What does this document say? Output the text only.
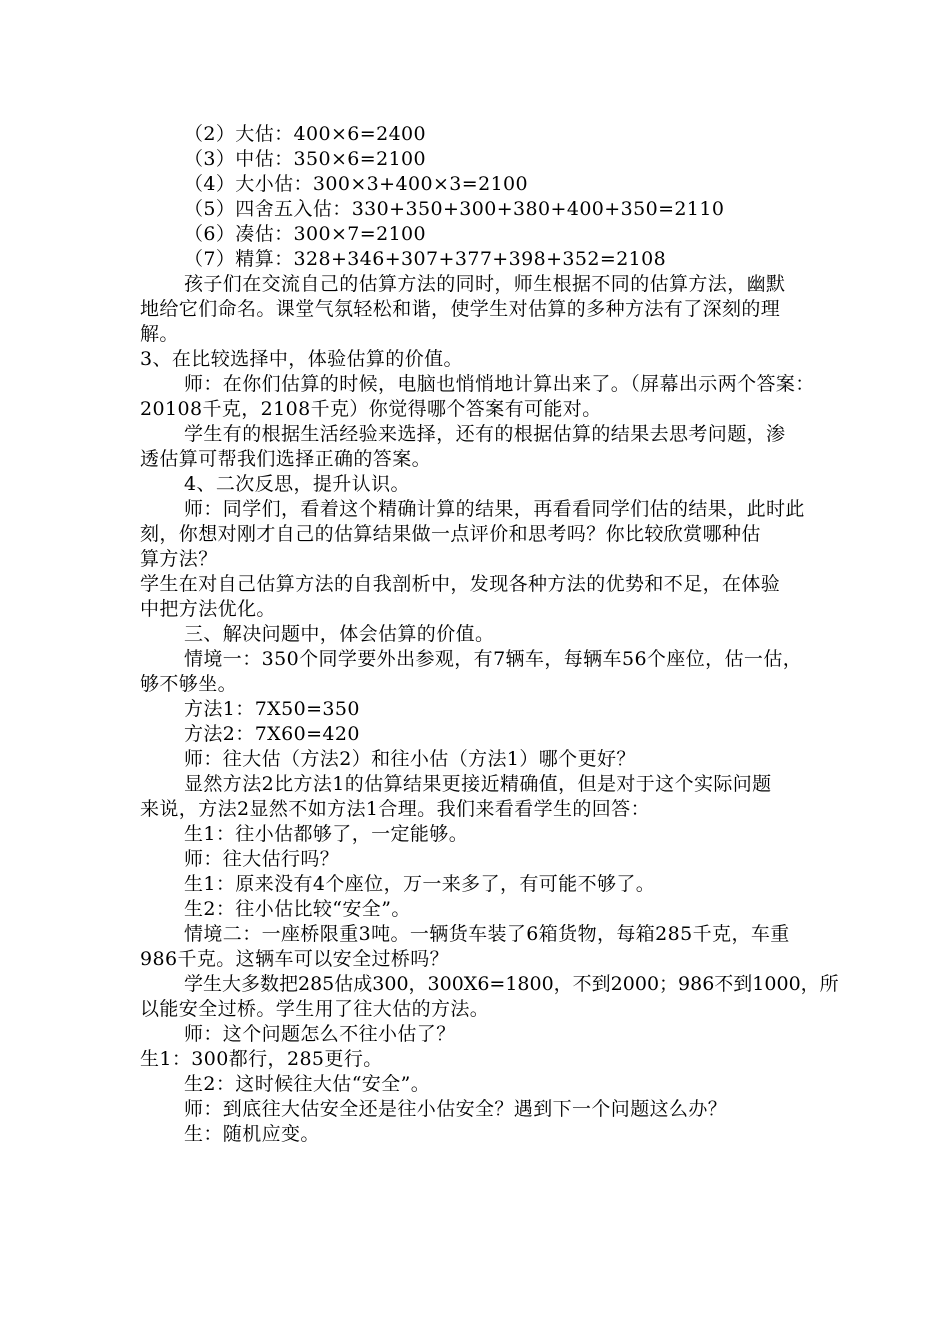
（2）大估：400×6=2400
（3）中估：350×6=2100
（4）大小估：300×3+400×3=2100
（5）四舍五入估：330+350+300+380+400+350=2110
（6）凑估：300×7=2100
（7）精算：328+346+307+377+398+352=2108
孩子们在交流自己的估算方法的同时，师生根据不同的估算方法，幽默
地给它们命名。课堂气氛轻松和谐，使学生对估算的多种方法有了深刻的理
解。
3、在比较选择中，体验估算的价值。
师：在你们估算的时候，电脑也悄悄地计算出来了。（屏幕出示两个答案：
20108千克，2108千克）你觉得哪个答案有可能对。
学生有的根据生活经验来选择，还有的根据估算的结果去思考问题，渗
透估算可帮我们选择正确的答案。
4、二次反思，提升认识。
师：同学们，看着这个精确计算的结果，再看看同学们估的结果，此时此
刻，你想对刚才自己的估算结果做一点评价和思考吗？你比较欣赏哪种估
算方法？
学生在对自己估算方法的自我剖析中，发现各种方法的优势和不足，在体验
中把方法优化。
三、解决问题中，体会估算的价值。
情境一：350个同学要外出参观，有7辆车，每辆车56个座位，估一估，
够不够坐。
方法1：7X50=350
方法2：7X60=420
师：往大估（方法2）和往小估（方法1）哪个更好？
显然方法2比方法1的估算结果更接近精确值，但是对于这个实际问题
来说，方法2显然不如方法1合理。我们来看看学生的回答：
生1：往小估都够了，一定能够。
师：往大估行吗？
生1：原来没有4个座位，万一来多了，有可能不够了。
生2：往小估比较“安全”。
情境二：一座桥限重3吨。一辆货车装了6箱货物，每箱285千克，车重
986千克。这辆车可以安全过桥吗？
学生大多数把285估成300，300X6=1800，不到2000；986不到1000，所
以能安全过桥。学生用了往大估的方法。
师：这个问题怎么不往小估了？
生1：300都行，285更行。
生2：这时候往大估“安全”。
师：到底往大估安全还是往小估安全？遇到下一个问题这么办？
生：随机应变。
